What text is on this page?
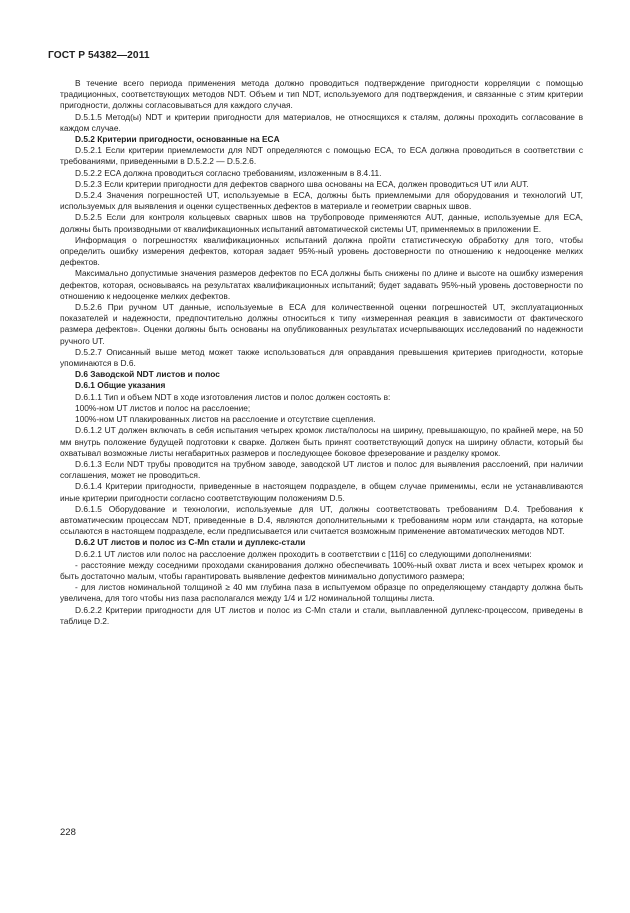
ГОСТ Р 54382—2011

В течение всего периода применения метода должно проводиться подтверждение пригодности корреляции с помощью традиционных, соответствующих методов NDT. Объем и тип NDT, используемого для подтверждения, и связанные с этим критерии пригодности, должны согласовываться для каждого случая.

D.5.1.5 Метод(ы) NDT и критерии пригодности для материалов, не относящихся к сталям, должны проходить согласование в каждом случае.

D.5.2 Критерии пригодности, основанные на ECA

D.5.2.1 Если критерии приемлемости для NDT определяются с помощью ECA, то ECA должна проводиться в соответствии с требованиями, приведенными в D.5.2.2 — D.5.2.6.

D.5.2.2 ECA должна проводиться согласно требованиям, изложенным в 8.4.11.

D.5.2.3 Если критерии пригодности для дефектов сварного шва основаны на ECA, должен проводиться UT или AUT.

D.5.2.4 Значения погрешностей UT, используемые в ECA, должны быть приемлемыми для оборудования и технологий UT, используемых для выявления и оценки существенных дефектов в материале и геометрии сварных швов.

D.5.2.5 Если для контроля кольцевых сварных швов на трубопроводе применяются AUT, данные, используемые для ECA, должны быть производными от квалификационных испытаний автоматической системы UT, применяемых в приложении Е.

Информация о погрешностях квалификационных испытаний должна пройти статистическую обработку для того, чтобы определить ошибку измерения дефектов, которая задает 95%-ный уровень достоверности по отношению к недооценке мелких дефектов.

Максимально допустимые значения размеров дефектов по ECA должны быть снижены по длине и высоте на ошибку измерения дефектов, которая, основываясь на результатах квалификационных испытаний; будет задавать 95%-ный уровень достоверности по отношению к недооценке мелких дефектов.

D.5.2.6 При ручном UT данные, используемые в ECA для количественной оценки погрешностей UT, эксплуатационных показателей и надежности, предпочтительно должны относиться к типу «измеренная реакция в зависимости от фактического размера дефектов». Оценки должны быть основаны на опубликованных результатах исчерпывающих исследований по надежности ручного UT.

D.5.2.7 Описанный выше метод может также использоваться для оправдания превышения критериев пригодности, которые упоминаются в D.6.

D.6 Заводской NDT листов и полос

D.6.1 Общие указания

D.6.1.1 Тип и объем NDT в ходе изготовления листов и полос должен состоять в:

100%-ном UT листов и полос на расслоение;

100%-ном UT плакированных листов на расслоение и отсутствие сцепления.

D.6.1.2 UT должен включать в себя испытания четырех кромок листа/полосы на ширину, превышающую, по крайней мере, на 50 мм внутрь положение будущей подготовки к сварке. Должен быть принят соответствующий допуск на ширину области, который бы охватывал возможные листы негабаритных размеров и последующее боковое фрезерование и разделку кромок.

D.6.1.3 Если NDT трубы проводится на трубном заводе, заводской UT листов и полос для выявления расслоений, при наличии соглашения, может не проводиться.

D.6.1.4 Критерии пригодности, приведенные в настоящем подразделе, в общем случае применимы, если не устанавливаются иные критерии пригодности согласно соответствующим положениям D.5.

D.6.1.5 Оборудование и технологии, используемые для UT, должны соответствовать требованиям D.4. Требования к автоматическим процессам NDT, приведенные в D.4, являются дополнительными к требованиям норм или стандарта, на которые ссылаются в настоящем подразделе, если предписывается или считается возможным применение автоматических методов NDT.

D.6.2 UT листов и полос из С-Mn стали и дуплекс-стали

D.6.2.1 UT листов или полос на расслоение должен проходить в соответствии с [116] со следующими дополнениями:

- расстояние между соседними проходами сканирования должно обеспечивать 100%-ный охват листа и всех четырех кромок и быть достаточно малым, чтобы гарантировать выявление дефектов минимально допустимого размера;

- для листов номинальной толщиной ≥ 40 мм глубина паза в испытуемом образце по определяющему стандарту должна быть увеличена, для того чтобы низ паза располагался между 1/4 и 1/2 номинальной толщины листа.

D.6.2.2 Критерии пригодности для UT листов и полос из С-Mn стали и стали, выплавленной дуплекс-процессом, приведены в таблице D.2.

228
